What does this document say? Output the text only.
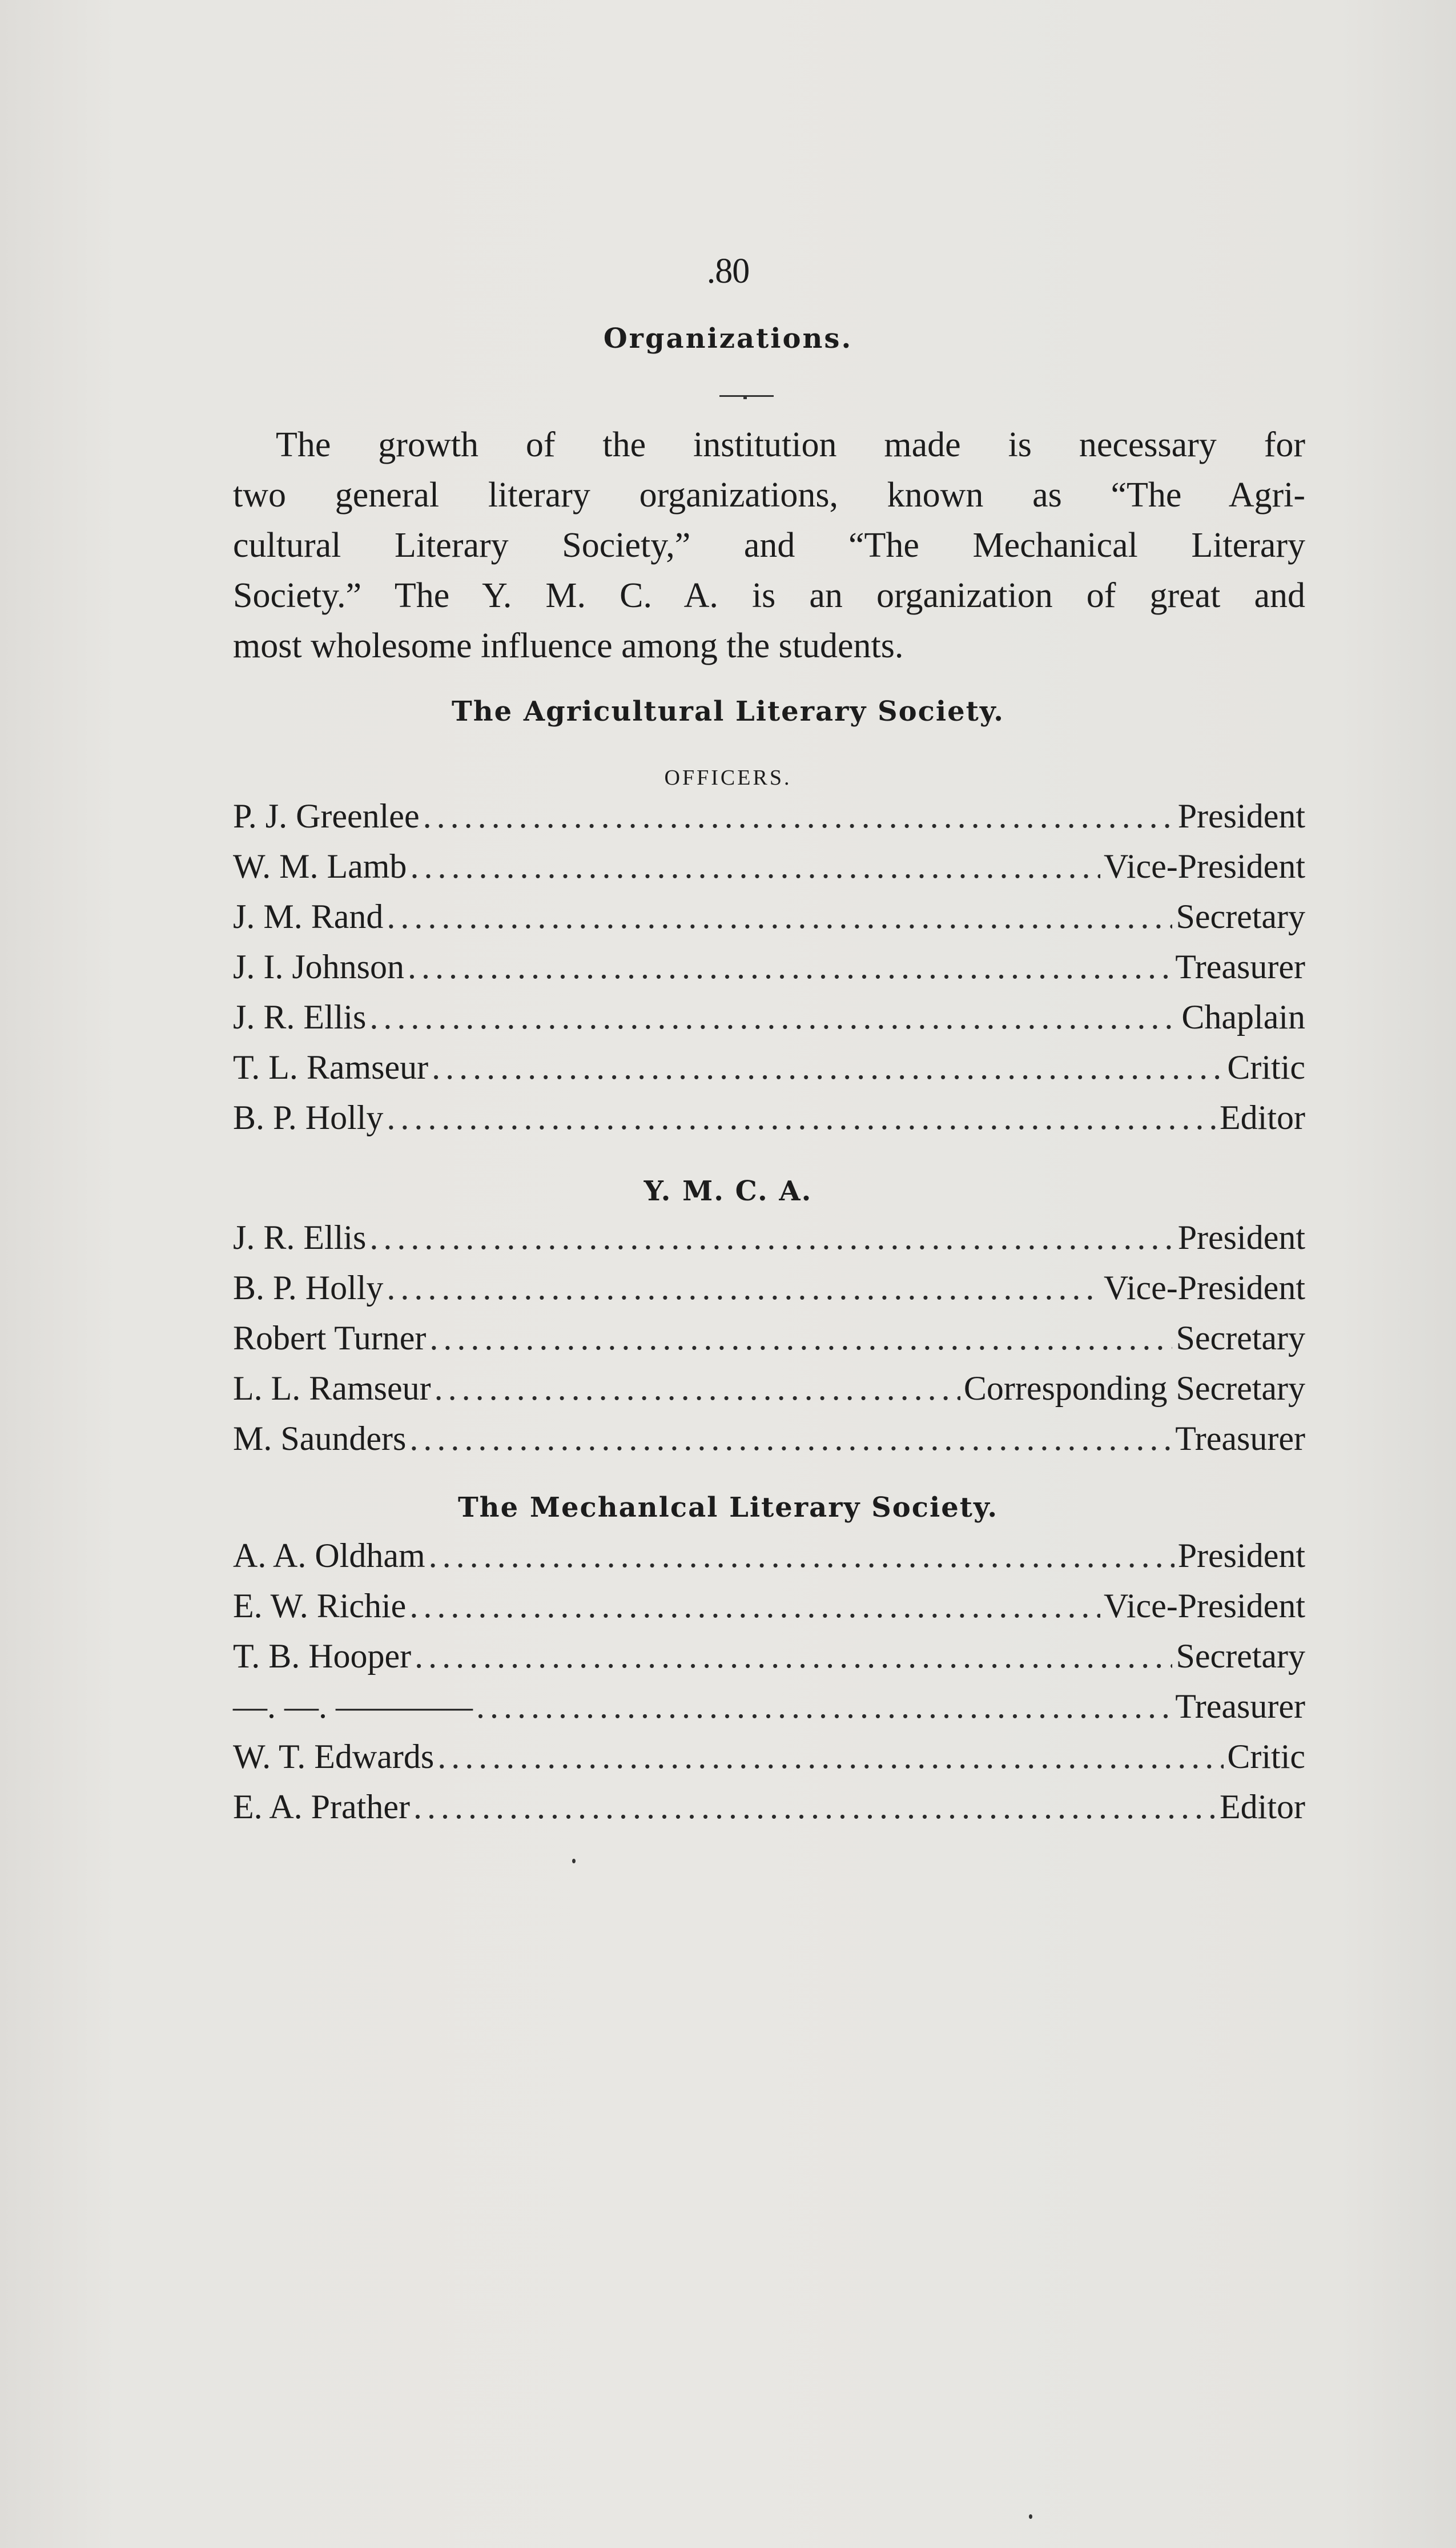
.80
Organizations.
The growth of the institution made is necessary for
two general literary organizations, known as “The Agri-
cultural Literary Society,” and “The Mechanical Literary
Society.” The Y. M. C. A. is an organization of great and
most wholesome influence among the students.
The Agricultural Literary Society.
OFFICERS.
P. J. Greenlee .....	President
W. M. Lamb .....	Vice-President
J. M. Rand .....	Secretary
J. I. Johnson .....	Treasurer
J. R. Ellis .....	Chaplain
T. L. Ramseur .....	Critic
B. P. Holly .....	Editor
Y. M. C. A.
J. R. Ellis .....	President
B. P. Holly .....	Vice-President
Robert Turner .....	Secretary
L. L. Ramseur .....	Corresponding Secretary
M. Saunders .....	Treasurer
The Mechanlcal Literary Society.
A. A. Oldham .....	President
E. W. Richie .....	Vice-President
T. B. Hooper .....	Secretary
—. —. ———— .....	Treasurer
W. T. Edwards .....	Critic
E. A. Prather .....	Editor
